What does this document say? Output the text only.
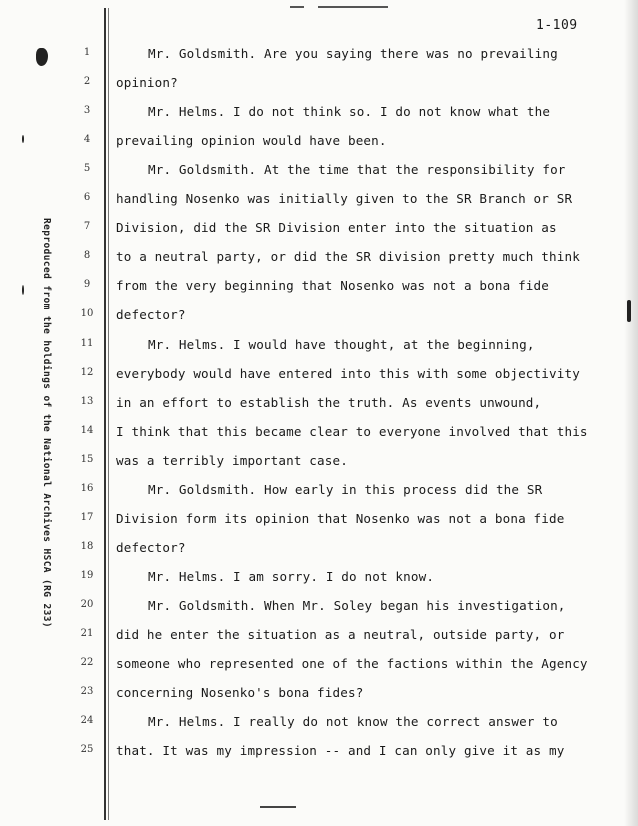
1-109
Reproduced from the holdings of the National Archives HSCA (RG 233)
1	Mr. Goldsmith. Are you saying there was no prevailing
2	opinion?
3	Mr. Helms. I do not think so. I do not know what the
4	prevailing opinion would have been.
5	Mr. Goldsmith. At the time that the responsibility for
6	handling Nosenko was initially given to the SR Branch or SR
7	Division, did the SR Division enter into the situation as
8	to a neutral party, or did the SR division pretty much think
9	from the very beginning that Nosenko was not a bona fide
10 defector?
11	Mr. Helms. I would have thought, at the beginning,
12 everybody would have entered into this with some objectivity
13 in an effort to establish the truth. As events unwound,
14 I think that this became clear to everyone involved that this
15 was a terribly important case.
16	Mr. Goldsmith. How early in this process did the SR
17 Division form its opinion that Nosenko was not a bona fide
18 defector?
19	Mr. Helms. I am sorry. I do not know.
20	Mr. Goldsmith. When Mr. Soley began his investigation,
21 did he enter the situation as a neutral, outside party, or
22 someone who represented one of the factions within the Agency
23 concerning Nosenko's bona fides?
24	Mr. Helms. I really do not know the correct answer to
25 that. It was my impression -- and I can only give it as my
